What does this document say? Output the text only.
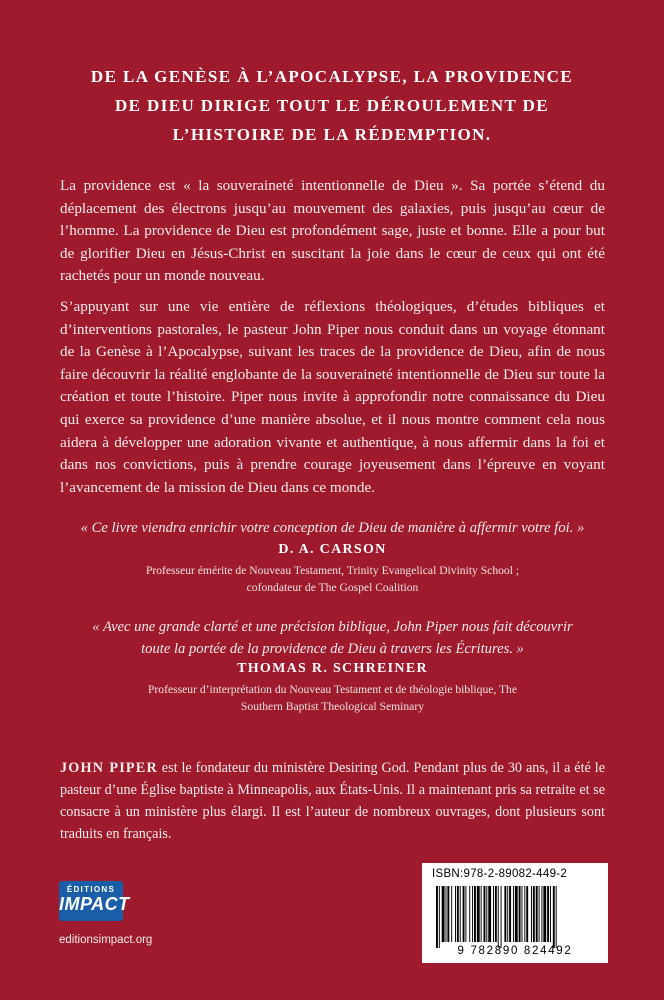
DE LA GENÈSE À L’APOCALYPSE, LA PROVIDENCE
DE DIEU DIRIGE TOUT LE DÉROULEMENT DE
L’HISTOIRE DE LA RÉDEMPTION.
La providence est « la souveraineté intentionnelle de Dieu ». Sa portée s’étend du déplacement des électrons jusqu’au mouvement des galaxies, puis jusqu’au cœur de l’homme. La providence de Dieu est profondément sage, juste et bonne. Elle a pour but de glorifier Dieu en Jésus-Christ en suscitant la joie dans le cœur de ceux qui ont été rachetés pour un monde nouveau.
S’appuyant sur une vie entière de réflexions théologiques, d’études bibliques et d’interventions pastorales, le pasteur John Piper nous conduit dans un voyage étonnant de la Genèse à l’Apocalypse, suivant les traces de la providence de Dieu, afin de nous faire découvrir la réalité englobante de la souveraineté intentionnelle de Dieu sur toute la création et toute l’histoire. Piper nous invite à approfondir notre connaissance du Dieu qui exerce sa providence d’une manière absolue, et il nous montre comment cela nous aidera à développer une adoration vivante et authentique, à nous affermir dans la foi et dans nos convictions, puis à prendre courage joyeusement dans l’épreuve en voyant l’avancement de la mission de Dieu dans ce monde.
« Ce livre viendra enrichir votre conception de Dieu de manière à affermir votre foi. »
D. A. CARSON
Professeur émérite de Nouveau Testament, Trinity Evangelical Divinity School ;
cofondateur de The Gospel Coalition
« Avec une grande clarté et une précision biblique, John Piper nous fait découvrir
toute la portée de la providence de Dieu à travers les Écritures. »
THOMAS R. SCHREINER
Professeur d’interprétation du Nouveau Testament et de théologie biblique, The
Southern Baptist Theological Seminary
JOHN PIPER est le fondateur du ministère Desiring God. Pendant plus de 30 ans, il a été le pasteur d’une Église baptiste à Minneapolis, aux États-Unis. Il a maintenant pris sa retraite et se consacre à un ministère plus élargi. Il est l’auteur de nombreux ouvrages, dont plusieurs sont traduits en français.
ÉDITIONS
IMPACT
editionsimpact.org
ISBN:978-2-89082-449-2
9 782890 824492
